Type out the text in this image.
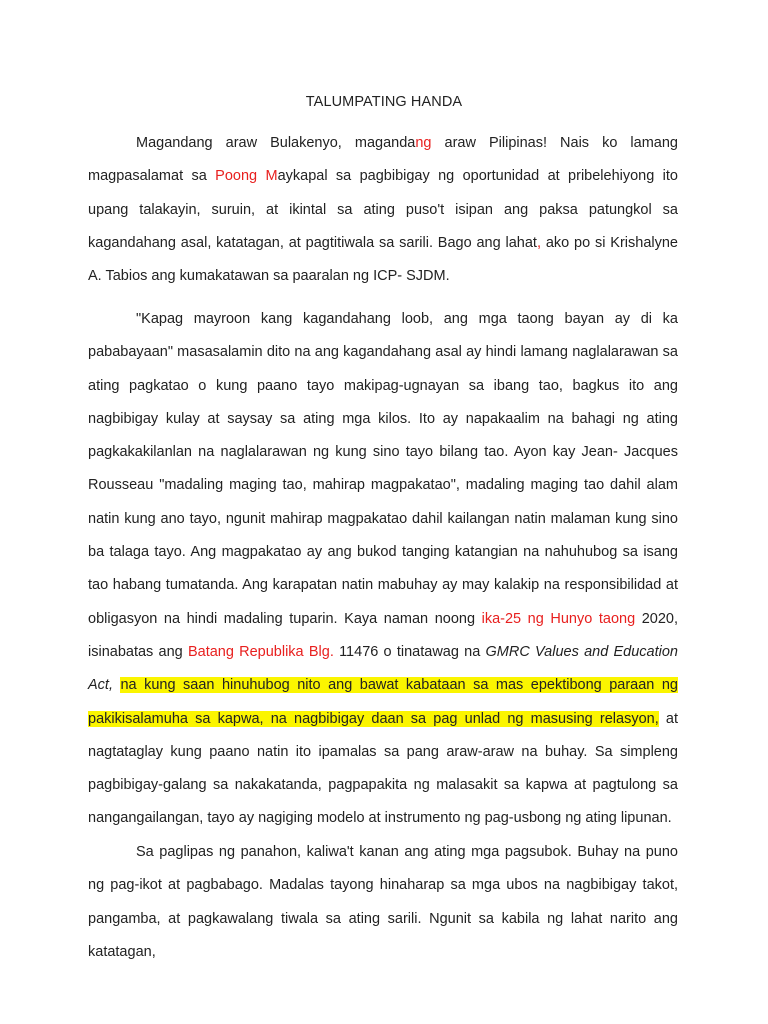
TALUMPATING HANDA

Magandang araw Bulakenyo, magandang araw Pilipinas! Nais ko lamang magpasalamat sa Poong Maykapal sa pagbibigay ng oportunidad at pribelehiyong ito upang talakayin, suruin, at ikintal sa ating puso't isipan ang paksa patungkol sa kagandahang asal, katatagan, at pagtitiwala sa sarili. Bago ang lahat, ako po si Krishalyne A. Tabios ang kumakatawan sa paaralan ng ICP- SJDM.

"Kapag mayroon kang kagandahang loob, ang mga taong bayan ay di ka pababayaan" masasalamin dito na ang kagandahang asal ay hindi lamang naglalarawan sa ating pagkatao o kung paano tayo makipag-ugnayan sa ibang tao, bagkus ito ang nagbibigay kulay at saysay sa ating mga kilos. Ito ay napakaalim na bahagi ng ating pagkakakilanlan na naglalarawan ng kung sino tayo bilang tao. Ayon kay Jean- Jacques Rousseau "madaling maging tao, mahirap magpakatao", madaling maging tao dahil alam natin kung ano tayo, ngunit mahirap magpakatao dahil kailangan natin malaman kung sino ba talaga tayo. Ang magpakatao ay ang bukod tanging katangian na nahuhubog sa isang tao habang tumatanda. Ang karapatan natin mabuhay ay may kalakip na responsibilidad at obligasyon na hindi madaling tuparin. Kaya naman noong ika-25 ng Hunyo taong 2020, isinabatas ang Batang Republika Blg. 11476 o tinatawag na GMRC Values and Education Act, na kung saan hinuhubog nito ang bawat kabataan sa mas epektibong paraan ng pakikisalamuha sa kapwa, na nagbibigay daan sa pag unlad ng masusing relasyon, at nagtataglay kung paano natin ito ipamalas sa pang araw-araw na buhay. Sa simpleng pagbibigay-galang sa nakakatanda, pagpapakita ng malasakit sa kapwa at pagtulong sa nangangailangan, tayo ay nagiging modelo at instrumento ng pag-usbong ng ating lipunan.

Sa paglipas ng panahon, kaliwa't kanan ang ating mga pagsubok. Buhay na puno ng pag-ikot at pagbabago. Madalas tayong hinaharap sa mga ubos na nagbibigay takot, pangamba, at pagkawalang tiwala sa ating sarili. Ngunit sa kabila ng lahat narito ang katatagan,
